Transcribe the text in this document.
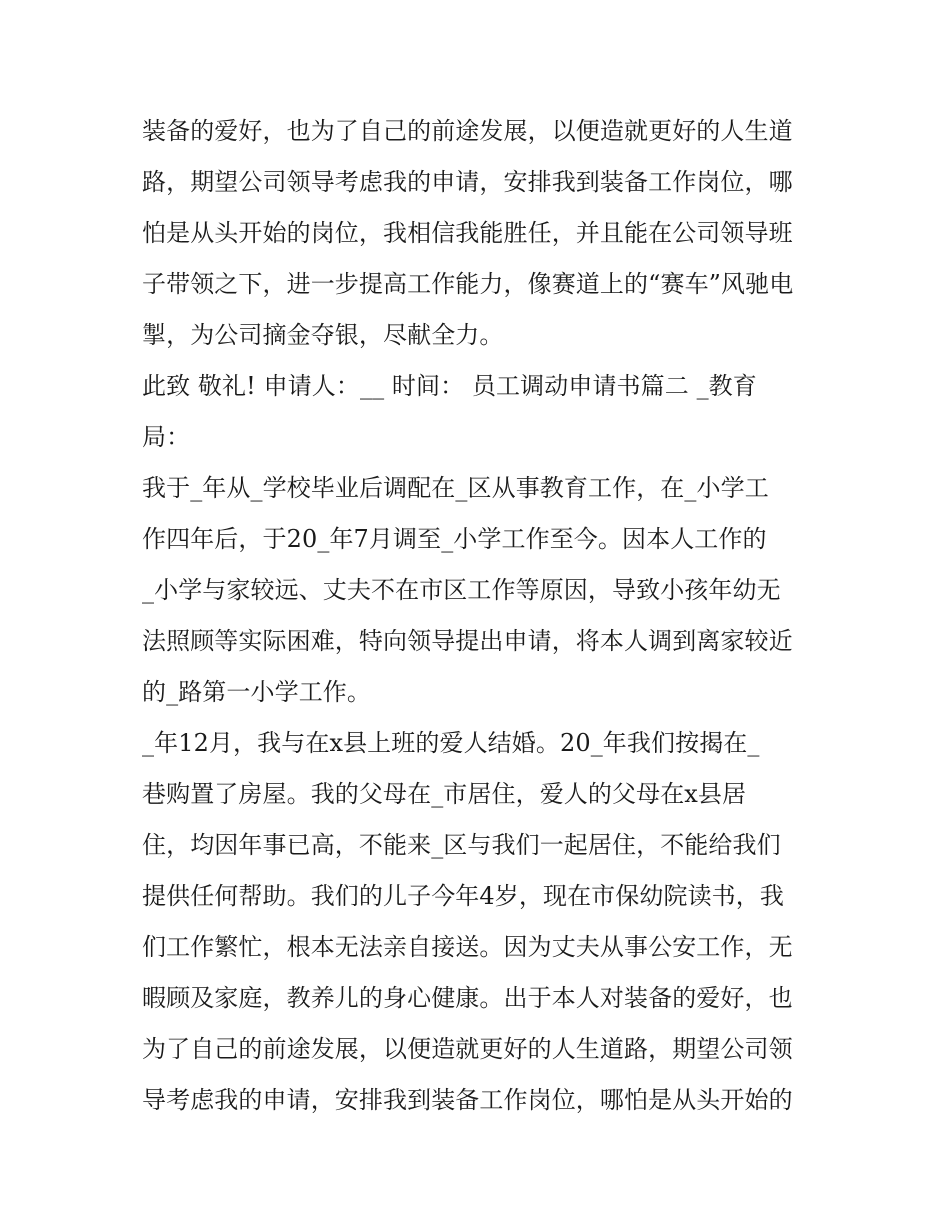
装备的爱好，也为了自己的前途发展，以便造就更好的人生道
路，期望公司领导考虑我的申请，安排我到装备工作岗位，哪
怕是从头开始的岗位，我相信我能胜任，并且能在公司领导班
子带领之下，进一步提高工作能力，像赛道上的“赛车”风驰电
掣，为公司摘金夺银，尽献全力。
此致 敬礼! 申请人：__ 时间： 员工调动申请书篇二 _教育
局：
我于_年从_学校毕业后调配在_区从事教育工作，在_小学工
作四年后，于20_年7月调至_小学工作至今。因本人工作的
_小学与家较远、丈夫不在市区工作等原因，导致小孩年幼无
法照顾等实际困难，特向领导提出申请，将本人调到离家较近
的_路第一小学工作。
_年12月，我与在x县上班的爱人结婚。20_年我们按揭在_
巷购置了房屋。我的父母在_市居住，爱人的父母在x县居
住，均因年事已高，不能来_区与我们一起居住，不能给我们
提供任何帮助。我们的儿子今年4岁，现在市保幼院读书，我
们工作繁忙，根本无法亲自接送。因为丈夫从事公安工作，无
暇顾及家庭，教养儿的身心健康。出于本人对装备的爱好，也
为了自己的前途发展，以便造就更好的人生道路，期望公司领
导考虑我的申请，安排我到装备工作岗位，哪怕是从头开始的
